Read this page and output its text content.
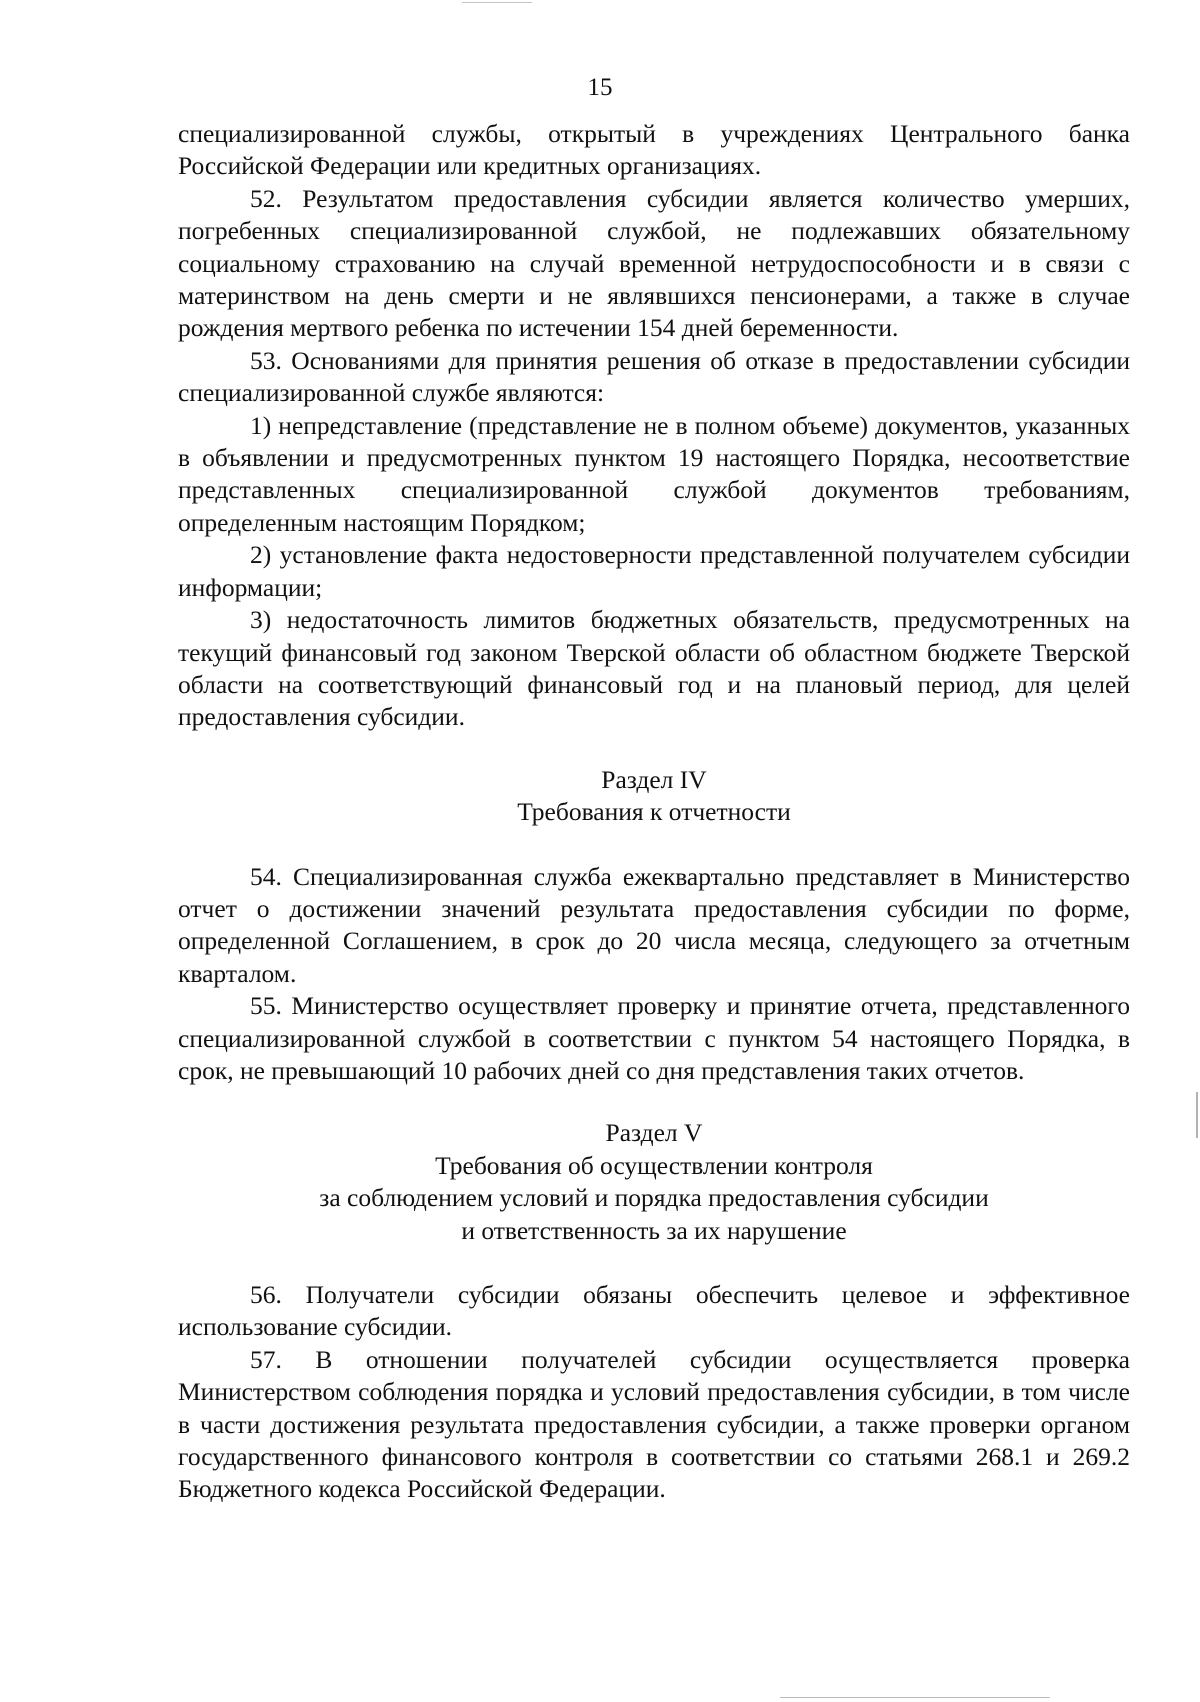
15

специализированной службы, открытый в учреждениях Центрального банка Российской Федерации или кредитных организациях.

52. Результатом предоставления субсидии является количество умерших, погребенных специализированной службой, не подлежавших обязательному социальному страхованию на случай временной нетрудоспособности и в связи с материнством на день смерти и не являвшихся пенсионерами, а также в случае рождения мертвого ребенка по истечении 154 дней беременности.

53. Основаниями для принятия решения об отказе в предоставлении субсидии специализированной службе являются:

1) непредставление (представление не в полном объеме) документов, указанных в объявлении и предусмотренных пунктом 19 настоящего Порядка, несоответствие представленных специализированной службой документов требованиям, определенным настоящим Порядком;

2) установление факта недостоверности представленной получателем субсидии информации;

3) недостаточность лимитов бюджетных обязательств, предусмотренных на текущий финансовый год законом Тверской области об областном бюджете Тверской области на соответствующий финансовый год и на плановый период, для целей предоставления субсидии.

Раздел IV
Требования к отчетности

54. Специализированная служба ежеквартально представляет в Министерство отчет о достижении значений результата предоставления субсидии по форме, определенной Соглашением, в срок до 20 числа месяца, следующего за отчетным кварталом.

55. Министерство осуществляет проверку и принятие отчета, представленного специализированной службой в соответствии с пунктом 54 настоящего Порядка, в срок, не превышающий 10 рабочих дней со дня представления таких отчетов.

Раздел V
Требования об осуществлении контроля
за соблюдением условий и порядка предоставления субсидии
и ответственность за их нарушение

56. Получатели субсидии обязаны обеспечить целевое и эффективное использование субсидии.

57. В отношении получателей субсидии осуществляется проверка Министерством соблюдения порядка и условий предоставления субсидии, в том числе в части достижения результата предоставления субсидии, а также проверки органом государственного финансового контроля в соответствии со статьями 268.1 и 269.2 Бюджетного кодекса Российской Федерации.
